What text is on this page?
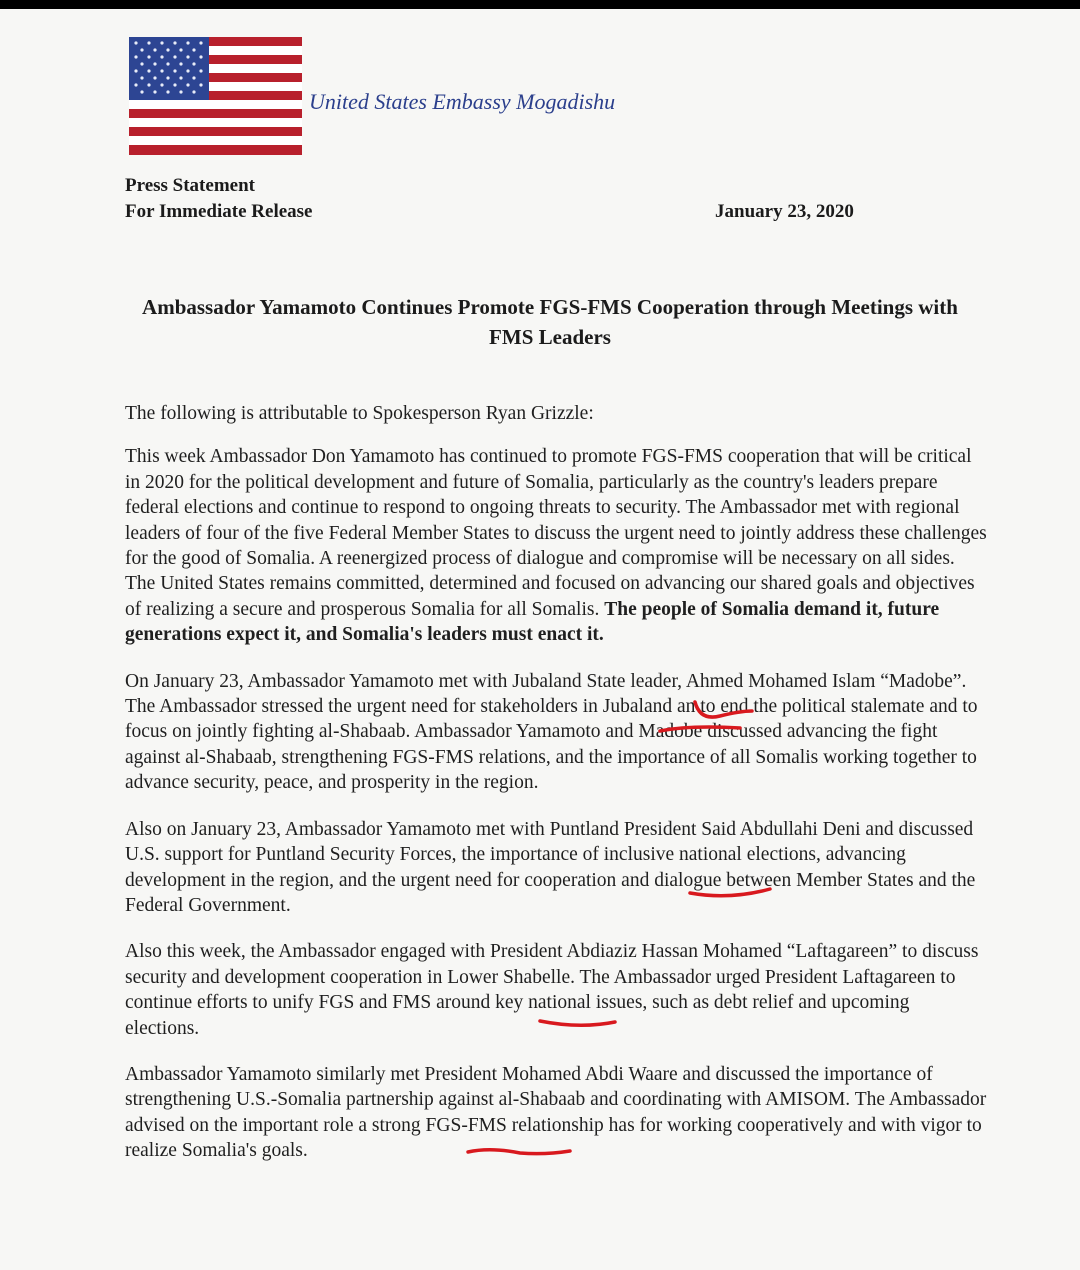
United States Embassy Mogadishu
Press Statement
For Immediate Release	January 23, 2020
Ambassador Yamamoto Continues Promote FGS-FMS Cooperation through Meetings with FMS Leaders

The following is attributable to Spokesperson Ryan Grizzle:

This week Ambassador Don Yamamoto has continued to promote FGS-FMS cooperation that will be critical in 2020 for the political development and future of Somalia, particularly as the country's leaders prepare federal elections and continue to respond to ongoing threats to security. The Ambassador met with regional leaders of four of the five Federal Member States to discuss the urgent need to jointly address these challenges for the good of Somalia. A reenergized process of dialogue and compromise will be necessary on all sides. The United States remains committed, determined and focused on advancing our shared goals and objectives of realizing a secure and prosperous Somalia for all Somalis. The people of Somalia demand it, future generations expect it, and Somalia's leaders must enact it.

On January 23, Ambassador Yamamoto met with Jubaland State leader, Ahmed Mohamed Islam “Madobe”. The Ambassador stressed the urgent need for stakeholders in Jubaland an to end the political stalemate and to focus on jointly fighting al-Shabaab. Ambassador Yamamoto and Madobe discussed advancing the fight against al-Shabaab, strengthening FGS-FMS relations, and the importance of all Somalis working together to advance security, peace, and prosperity in the region.

Also on January 23, Ambassador Yamamoto met with Puntland President Said Abdullahi Deni and discussed U.S. support for Puntland Security Forces, the importance of inclusive national elections, advancing development in the region, and the urgent need for cooperation and dialogue between Member States and the Federal Government.

Also this week, the Ambassador engaged with President Abdiaziz Hassan Mohamed “Laftagareen” to discuss security and development cooperation in Lower Shabelle. The Ambassador urged President Laftagareen to continue efforts to unify FGS and FMS around key national issues, such as debt relief and upcoming elections.

Ambassador Yamamoto similarly met President Mohamed Abdi Waare and discussed the importance of strengthening U.S.-Somalia partnership against al-Shabaab and coordinating with AMISOM. The Ambassador advised on the important role a strong FGS-FMS relationship has for working cooperatively and with vigor to realize Somalia's goals.
